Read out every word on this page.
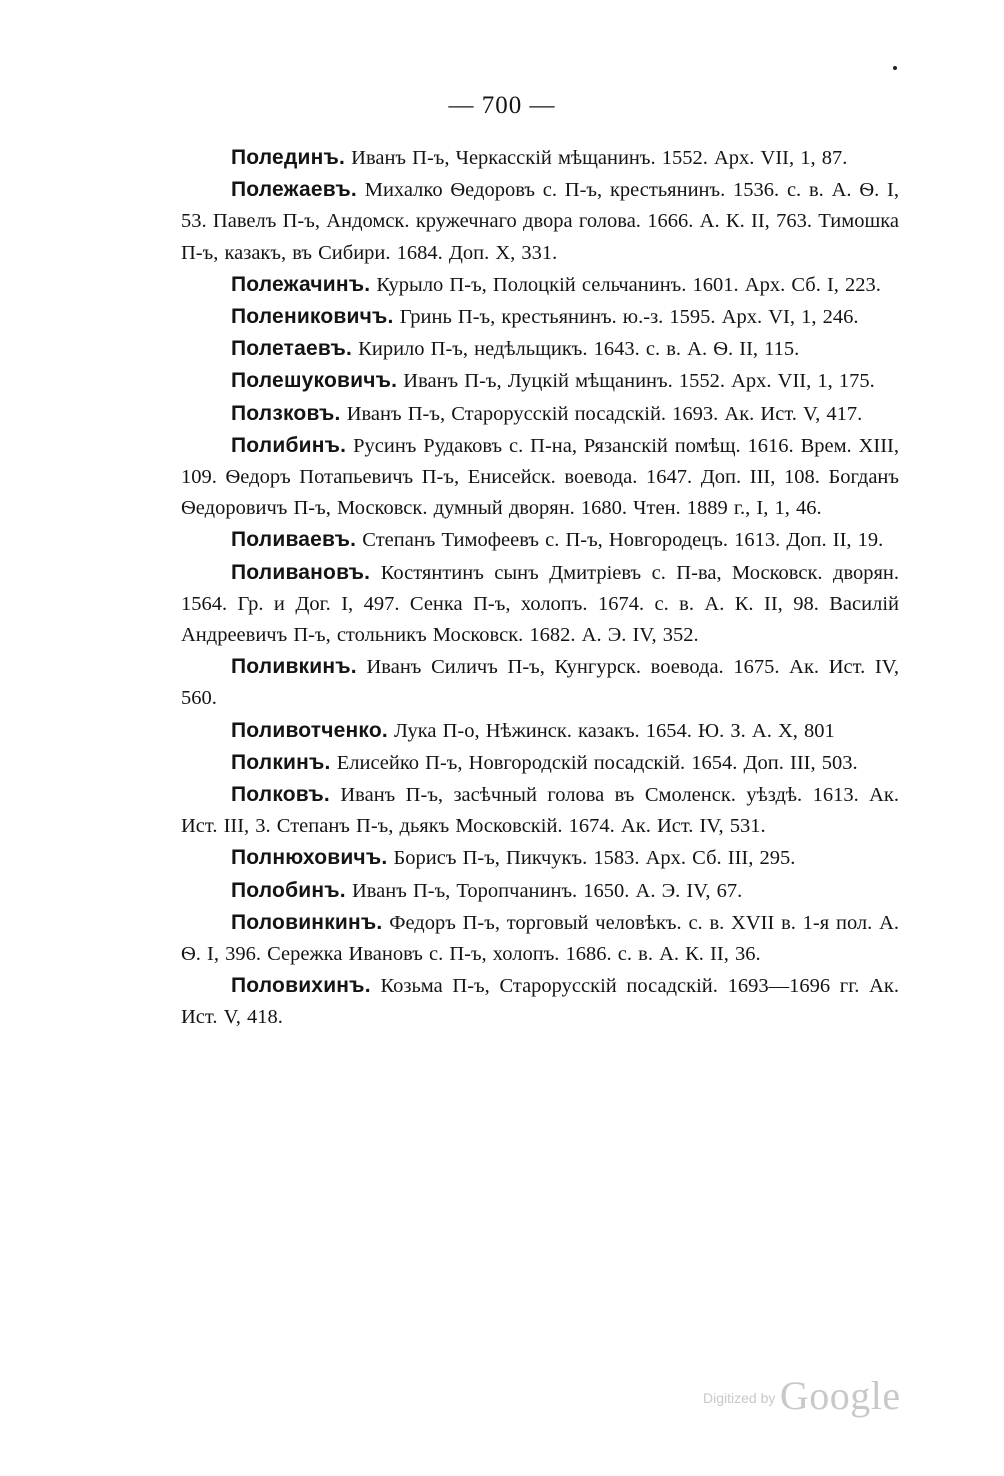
— 700 —

Полединъ. Иванъ П-ъ, Черкасскій мѣщанинъ. 1552. Арх. VII, 1, 87.

Полежаевъ. Михалко Ѳедоровъ с. П-ъ, крестьянинъ. 1536. с. в. А. Ѳ. I, 53. Павелъ П-ъ, Андомск. кружечнаго двора голова. 1666. А. К. II, 763. Тимошка П-ъ, казакъ, въ Сибири. 1684. Доп. X, 331.

Полежачинъ. Курыло П-ъ, Полоцкій сельчанинъ. 1601. Арх. Сб. I, 223.

Полениковичъ. Гринь П-ъ, крестьянинъ. ю.-з. 1595. Арх. VI, 1, 246.

Полетаевъ. Кирило П-ъ, недѣльщикъ. 1643. с. в. А. Ѳ. II, 115.

Полешуковичъ. Иванъ П-ъ, Луцкій мѣщанинъ. 1552. Арх. VII, 1, 175.

Ползковъ. Иванъ П-ъ, Старорусскій посадскій. 1693. Ак. Ист. V, 417.

Полибинъ. Русинъ Рудаковъ с. П-на, Рязанскій помѣщ. 1616. Врем. XIII, 109. Ѳедоръ Потапьевичъ П-ъ, Енисейск. воевода. 1647. Доп. III, 108. Богданъ Ѳедоровичъ П-ъ, Московск. думный дворян. 1680. Чтен. 1889 г., I, 1, 46.

Поливаевъ. Степанъ Тимофеевъ с. П-ъ, Новгородецъ. 1613. Доп. II, 19.

Поливановъ. Костянтинъ сынъ Дмитріевъ с. П-ва, Московск. дворян. 1564. Гр. и Дог. I, 497. Сенка П-ъ, холопъ. 1674. с. в. А. К. II, 98. Василій Андреевичъ П-ъ, стольникъ Московск. 1682. А. Э. IV, 352.

Поливкинъ. Иванъ Силичъ П-ъ, Кунгурск. воевода. 1675. Ак. Ист. IV, 560.

Поливотченко. Лука П-о, Нѣжинск. казакъ. 1654. Ю. З. А. X, 801

Полкинъ. Елисейко П-ъ, Новгородскій посадскій. 1654. Доп. III, 503.

Полковъ. Иванъ П-ъ, засѣчный голова въ Смоленск. уѣздѣ. 1613. Ак. Ист. III, 3. Степанъ П-ъ, дьякъ Московскій. 1674. Ак. Ист. IV, 531.

Полнюховичъ. Борисъ П-ъ, Пикчукъ. 1583. Арх. Сб. III, 295.

Полобинъ. Иванъ П-ъ, Торопчанинъ. 1650. А. Э. IV, 67.

Половинкинъ. Федоръ П-ъ, торговый человѣкъ. с. в. XVII в. 1-я пол. А. Ѳ. I, 396. Сережка Ивановъ с. П-ъ, холопъ. 1686. с. в. А. К. II, 36.

Половихинъ. Козьма П-ъ, Старорусскій посадскій. 1693—1696 гг. Ак. Ист. V, 418.

Digitized by Google
